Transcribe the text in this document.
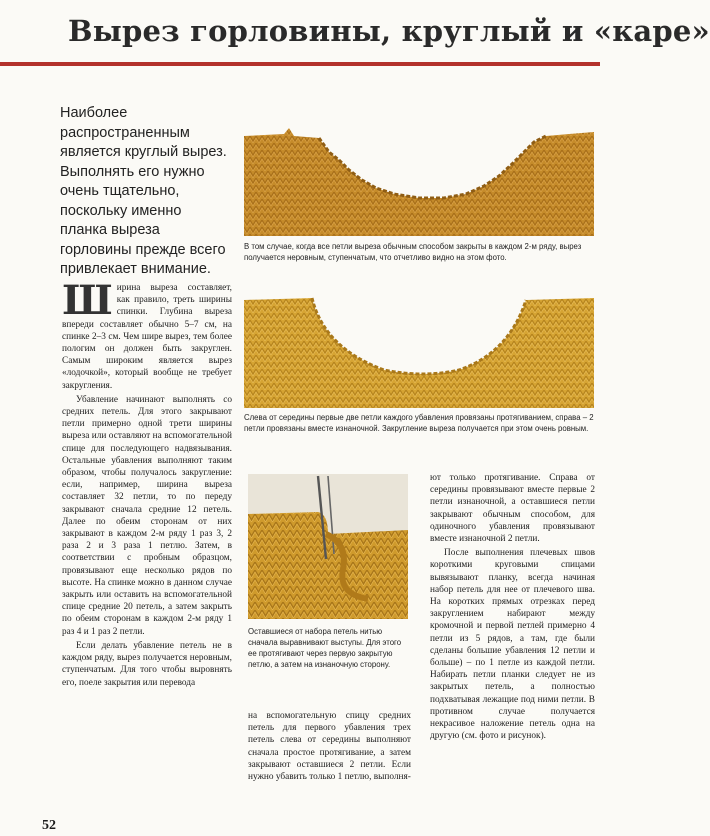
Вырез горловины, круглый и «каре»
Наиболее распространенным является круглый вырез. Выполнять его нужно очень тщательно, поскольку именно планка выреза горловины прежде всего привлекает внимание.
В том случае, когда все петли выреза обычным способом закрыты в каждом 2-м ряду, вырез получается неровным, ступенчатым, что отчетливо видно на этом фото.
Слева от середины первые две петли каждого убавления провязаны протягиванием, справа – 2 петли провязаны вместе изнаночной. Закругление выреза получается при этом очень ровным.
Оставшиеся от набора петель нитью сначала выравнивают выступы. Для этого ее протягивают через первую закрытую петлю, а затем на изнаночную сторону.
Ширина выреза составляет, как правило, треть ширины спинки. Глубина выреза впереди составляет обычно 5–7 см, на спинке 2–3 см. Чем шире вырез, тем более пологим он должен быть закруглен. Самым широким является вырез «лодочкой», который вообще не требует закругления.
Убавление начинают выполнять со средних петель. Для этого закрывают петли примерно одной трети ширины выреза или оставляют на вспомогательной спице для последующего надвязывания. Остальные убавления выполняют таким образом, чтобы получалось закругление: если, например, ширина выреза составляет 32 петли, то по переду закрывают сначала средние 12 петель. Далее по обеим сторонам от них закрывают в каждом 2-м ряду 1 раз 3, 2 раза 2 и 3 раза 1 петлю. Затем, в соответствии с пробным образцом, провязывают еще несколько рядов по высоте. На спинке можно в данном случае закрыть или оставить на вспомогательной спице средние 20 петель, а затем закрыть по обеим сторонам в каждом 2-м ряду 1 раз 4 и 1 раз 2 петли.
Если делать убавление петель не в каждом ряду, вырез получается неровным, ступенчатым. Для того чтобы выровнять его, поеле закрытия или перевода
на вспомогательную спицу средних петель для первого убавления трех петель слева от середины выполняют сначала простое протягивание, а затем закрывают оставшиеся 2 петли. Если нужно убавить только 1 петлю, выполня-
ют только протягивание. Справа от середины провязывают вместе первые 2 петли изнаночной, а оставшиеся петли закрывают обычным способом, для одиночного убавления провязывают вместе изнаночной 2 петли.
После выполнения плечевых швов короткими круговыми спицами вывязывают планку, всегда начиная набор петель для нее от плечевого шва. На коротких прямых отрезках перед закруглением набирают между кромочной и первой петлей примерно 4 петли из 5 рядов, а там, где были сделаны большие убавления 12 петли и больше) – по 1 петле из каждой петли. Набирать петли планки следует не из закрытых петель, а полностью подхватывая лежащие под ними петли. В противном случае получается некрасивое наложение петель одна на другую (см. фото и рисунок).
52
